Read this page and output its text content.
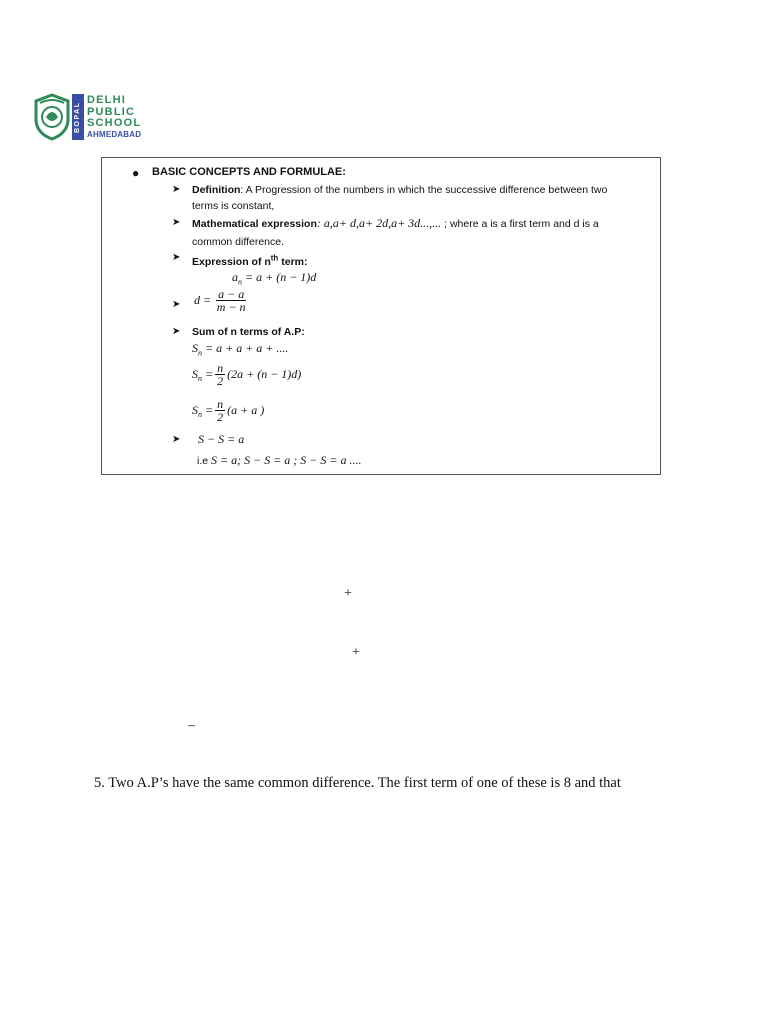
BOPAL
DELHI
PUBLIC
SCHOOL
AHMEDABAD
● BASIC CONCEPTS AND FORMULAE:
➤ Definition: A Progression of the numbers in which the successive difference between two
terms is constant,
➤ Mathematical expression: a,a+ d,a+ 2d,a+ 3d...,... ; where a is a first term and d is a
common difference.
➤ Expression of $n^{th}$ term:
$a_n = a + (n - 1)d$
➤ $d = \frac{a - a}{m - n}$
➤ Sum of n terms of A.P:
$S_n = a + a + a$ + ....
$S_n = \frac{n}{2} (2a + (n - 1)d)$
$S_n = \frac{n}{2} (a + a$ )
➤ S − S = a
i.e S = a; S − S = a ; S − S = a ....
+
+
–
5. Two A.P’s have the same common difference. The first term of one of these is 8 and that
